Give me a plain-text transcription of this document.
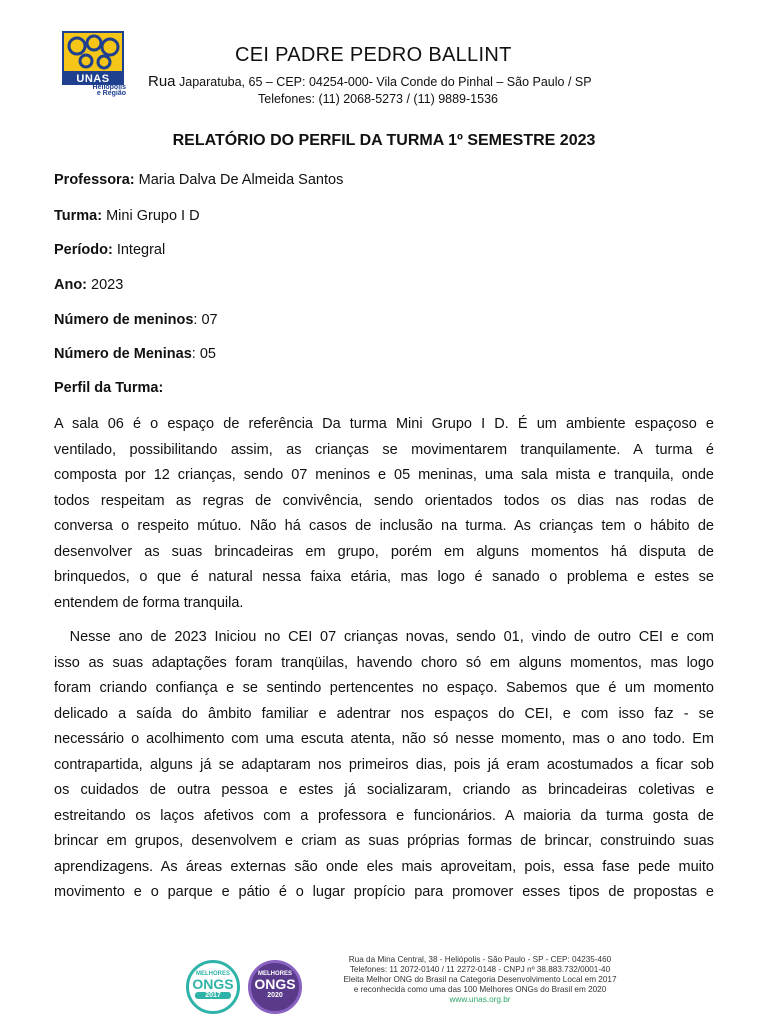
UNAS
Heliópolis
e Região
CEI PADRE PEDRO BALLINT
Rua Japaratuba, 65 – CEP: 04254-000- Vila Conde do Pinhal – São Paulo / SP
Telefones: (11) 2068-5273 / (11) 9889-1536
RELATÓRIO DO PERFIL DA TURMA 1º SEMESTRE 2023
Professora: Maria Dalva De Almeida Santos
Turma: Mini Grupo I D
Período: Integral
Ano: 2023
Número de meninos: 07
Número de Meninas: 05
Perfil da Turma:
A sala 06 é o espaço de referência Da turma Mini Grupo I D. É um ambiente espaçoso e
ventilado, possibilitando assim, as crianças se movimentarem tranquilamente. A turma é
composta por 12 crianças, sendo 07 meninos e 05 meninas, uma sala mista e tranquila, onde
todos respeitam as regras de convivência, sendo orientados todos os dias nas rodas de
conversa o respeito mútuo. Não há casos de inclusão na turma. As crianças tem o hábito de
desenvolver as suas brincadeiras em grupo, porém em alguns momentos há disputa de
brinquedos, o que é natural nessa faixa etária, mas logo é sanado o problema e estes se
entendem de forma tranquila.
Nesse ano de 2023 Iniciou no CEI 07 crianças novas, sendo 01, vindo de outro CEI e com
isso as suas adaptações foram tranqüilas, havendo choro só em alguns momentos, mas logo
foram criando confiança e se sentindo pertencentes no espaço. Sabemos que é um momento
delicado a saída do âmbito familiar e adentrar nos espaços do CEI, e com isso faz - se
necessário o acolhimento com uma escuta atenta, não só nesse momento, mas o ano todo. Em
contrapartida, alguns já se adaptaram nos primeiros dias, pois já eram acostumados a ficar sob
os cuidados de outra pessoa e estes já socializaram, criando as brincadeiras coletivas e
estreitando os laços afetivos com a professora e funcionários. A maioria da turma gosta de
brincar em grupos, desenvolvem e criam as suas próprias formas de brincar, construindo suas
aprendizagens. As áreas externas são onde eles mais aproveitam, pois, essa fase pede muito
movimento e o parque e pátio é o lugar propício para promover esses tipos de propostas e
MELHORES
ONGS
2017
MELHORES
ONGS
2020
Rua da Mina Central, 38 - Heliópolis - São Paulo - SP - CEP: 04235-460
Telefones: 11 2072-0140 / 11 2272-0148 - CNPJ nº 38.883.732/0001-40
Eleita Melhor ONG do Brasil na Categoria Desenvolvimento Local em 2017
e reconhecida como uma das 100 Melhores ONGs do Brasil em 2020
www.unas.org.br
